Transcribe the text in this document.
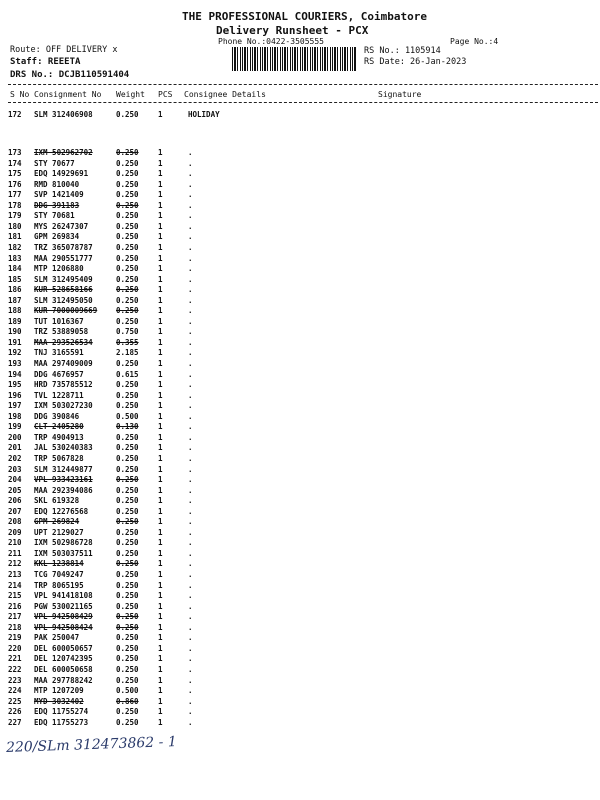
THE PROFESSIONAL COURIERS, Coimbatore
Delivery Runsheet - PCX
Phone No.:0422-3505555	Page No.:4
Route: OFF DELIVERY x
Staff: REEETA
DRS No.: DCJB110591404
RS No.: 1105914
RS Date: 26-Jan-2023
S No Consignment No Weight PCS Consignee Details	Signature
172 SLM 312406908	0.250	1	HOLIDAY
173 IXM 502962702	0.250	1	.
174 STY 70677	0.250	1	.
175 EDQ 14929691	0.250	1	.
176 RMD 810040	0.250	1	.
177 SVP 1421409	0.250	1	.
178 DDG 391183	0.250	1	.
179 STY 70681	0.250	1	.
180 MYS 26247307	0.250	1	.
181 GPM 269834	0.250	1	.
182 TRZ 365078787	0.250	1	.
183 MAA 290551777	0.250	1	.
184 MTP 1206880	0.250	1	.
185 SLM 312495409	0.250	1	.
186 KUR 528658166	0.250	1	.
187 SLM 312495050	0.250	1	.
188 KUR 7000009669	0.250	1	.
189 TUT 1016367	0.250	1	.
190 TRZ 53889058	0.750	1	.
191 MAA 293526534	0.355	1	.
192 TNJ 3165591	2.185	1	.
193 MAA 297409009	0.250	1	.
194 DDG 4676957	0.615	1	.
195 HRD 735785512	0.250	1	.
196 TVL 1228711	0.250	1	.
197 IXM 503027230	0.250	1	.
198 DDG 390846	0.500	1	.
199 CLT 2405280	0.130	1	.
200 TRP 4904913	0.250	1	.
201 JAL 530240383	0.250	1	.
202 TRP 5067828	0.250	1	.
203 SLM 312449877	0.250	1	.
204 VPL 933423161	0.250	1	.
205 MAA 292394086	0.250	1	.
206 SKL 619328	0.250	1	.
207 EDQ 12276568	0.250	1	.
208 GPM 269824	0.250	1	.
209 UPT 2129027	0.250	1	.
210 IXM 502986728	0.250	1	.
211 IXM 503037511	0.250	1	.
212 KKL 1238814	0.250	1	.
213 TCG 7049247	0.250	1	.
214 TRP 8065195	0.250	1	.
215 VPL 941418108	0.250	1	.
216 PGW 530021165	0.250	1	.
217 VPL 942508429	0.250	1	.
218 VPL 942508424	0.250	1	.
219 PAK 250047	0.250	1	.
220 DEL 600050657	0.250	1	.
221 DEL 120742395	0.250	1	.
222 DEL 600050658	0.250	1	.
223 MAA 297788242	0.250	1	.
224 MTP 1207209	0.500	1	.
225 MYD 3032402	0.860	1	.
226 EDQ 11755274	0.250	1	.
227 EDQ 11755273	0.250	1	.
220/SLm 312473862 - 1
